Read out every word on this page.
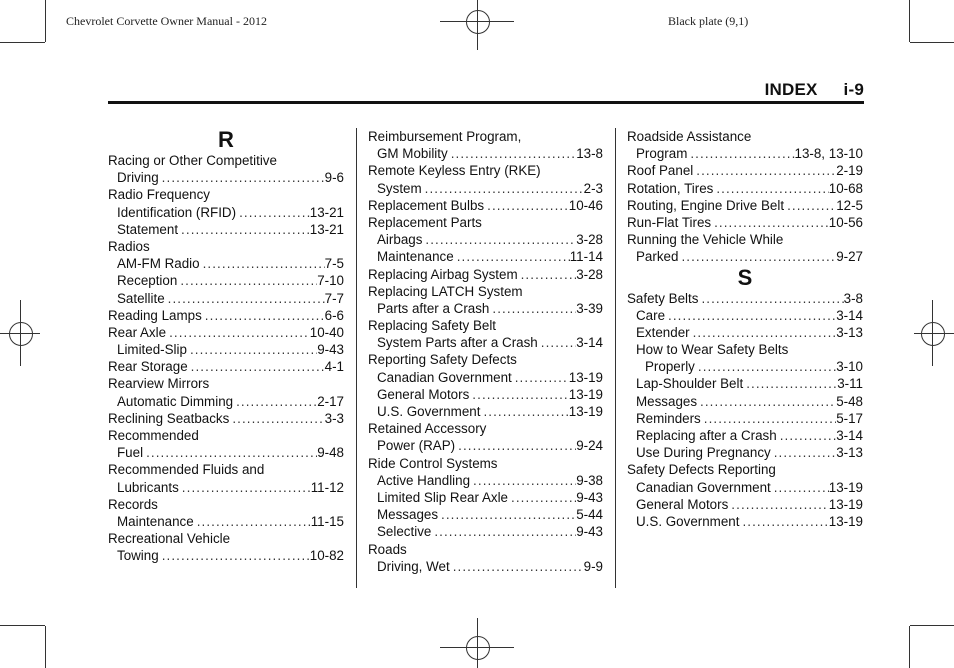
Chevrolet Corvette Owner Manual - 2012	Black plate (9,1)
INDEX i-9
R
Racing or Other Competitive
Driving .....	9-6
Radio Frequency
Identification (RFID) .....	13-21
Statement .....	13-21
Radios
AM-FM Radio .....	7-5
Reception .....	7-10
Satellite .....	7-7
Reading Lamps .....	6-6
Rear Axle .....	10-40
Limited-Slip .....	9-43
Rear Storage .....	4-1
Rearview Mirrors
Automatic Dimming .....	2-17
Reclining Seatbacks .....	3-3
Recommended
Fuel .....	9-48
Recommended Fluids and
Lubricants .....	11-12
Records
Maintenance .....	11-15
Recreational Vehicle
Towing .....	10-82
Reimbursement Program,
GM Mobility .....	13-8
Remote Keyless Entry (RKE)
System .....	2-3
Replacement Bulbs .....	10-46
Replacement Parts
Airbags .....	3-28
Maintenance .....	11-14
Replacing Airbag System .....	3-28
Replacing LATCH System
Parts after a Crash .....	3-39
Replacing Safety Belt
System Parts after a Crash .....	3-14
Reporting Safety Defects
Canadian Government .....	13-19
General Motors .....	13-19
U.S. Government .....	13-19
Retained Accessory
Power (RAP) .....	9-24
Ride Control Systems
Active Handling .....	9-38
Limited Slip Rear Axle .....	9-43
Messages .....	5-44
Selective .....	9-43
Roads
Driving, Wet .....	9-9
Roadside Assistance
Program .....	13-8, 13-10
Roof Panel .....	2-19
Rotation, Tires .....	10-68
Routing, Engine Drive Belt .....	12-5
Run-Flat Tires .....	10-56
Running the Vehicle While
Parked .....	9-27
S
Safety Belts .....	3-8
Care .....	3-14
Extender .....	3-13
How to Wear Safety Belts
Properly .....	3-10
Lap-Shoulder Belt .....	3-11
Messages .....	5-48
Reminders .....	5-17
Replacing after a Crash .....	3-14
Use During Pregnancy .....	3-13
Safety Defects Reporting
Canadian Government .....	13-19
General Motors .....	13-19
U.S. Government .....	13-19
